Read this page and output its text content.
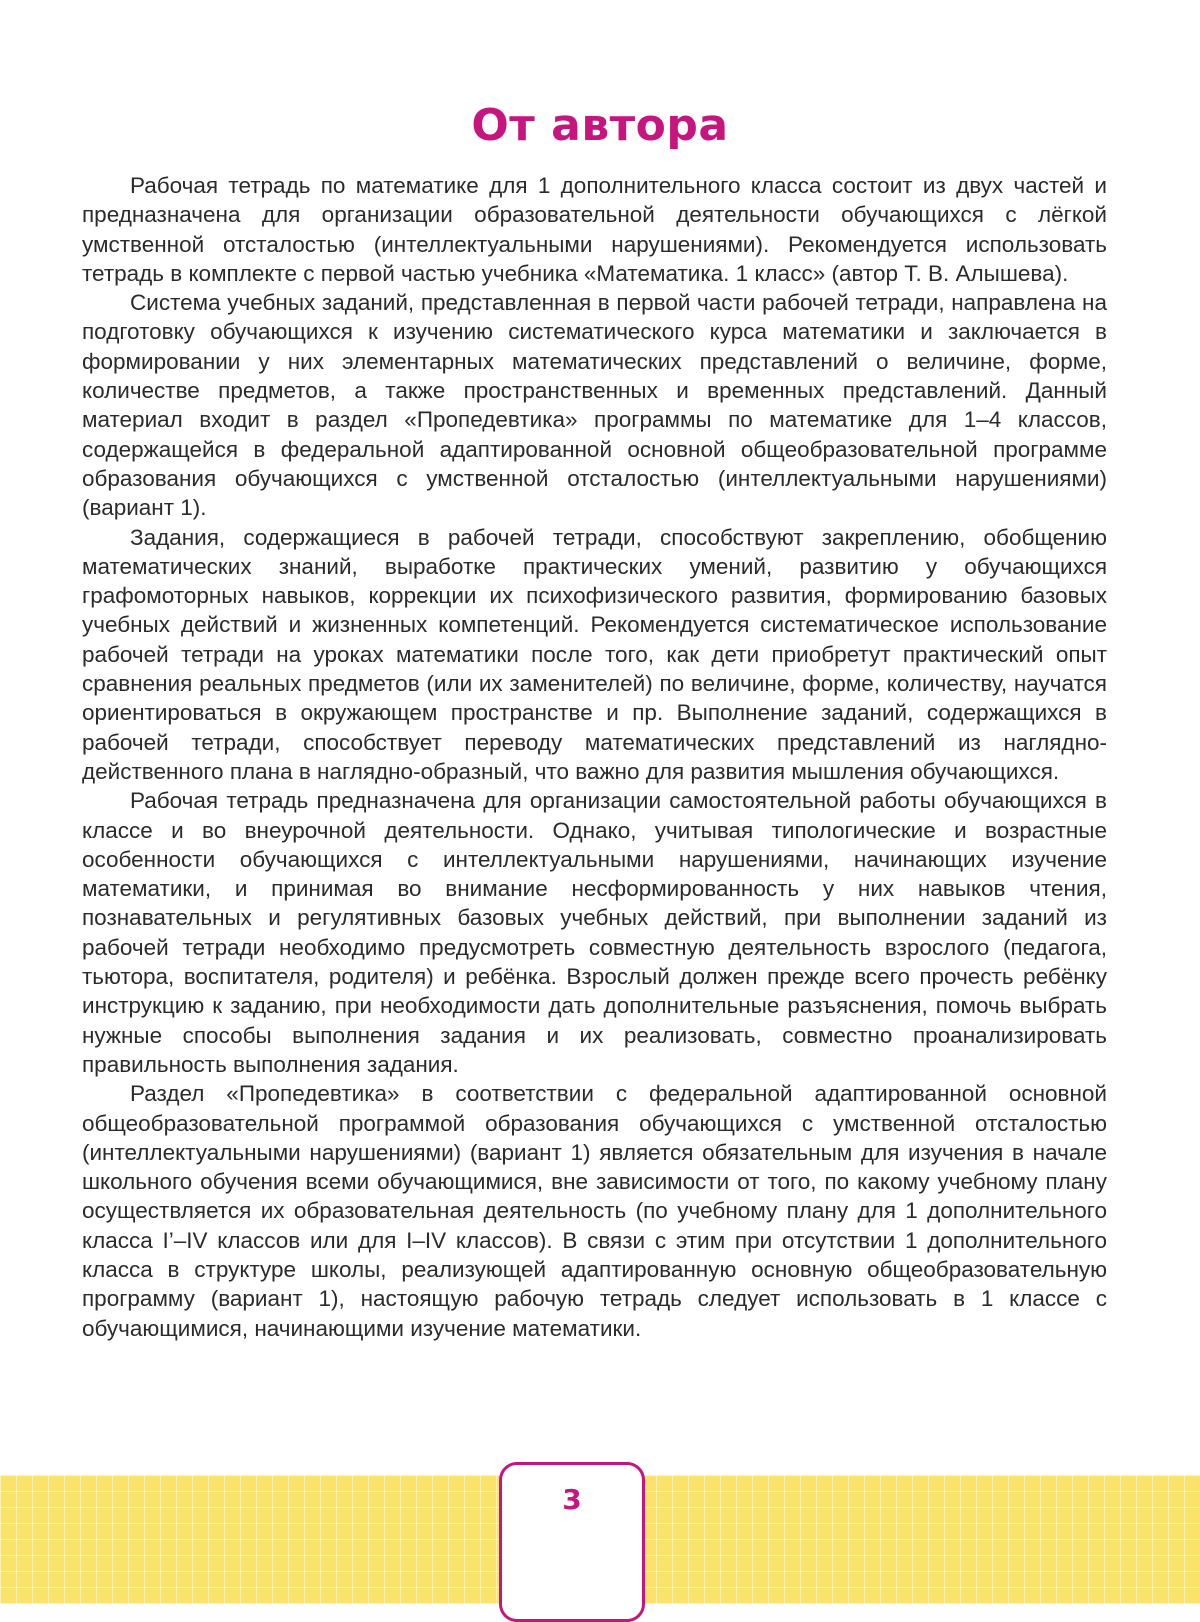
От автора

Рабочая тетрадь по математике для 1 дополнительного класса состоит из двух частей и предназначена для организации образовательной деятельности обучающихся с лёгкой умственной отсталостью (интеллектуальными нарушениями). Рекомендуется использовать тетрадь в комплекте с первой частью учебника «Математика. 1 класс» (автор Т. В. Алышева).

Система учебных заданий, представленная в первой части рабочей тетради, направлена на подготовку обучающихся к изучению систематического курса математики и заключается в формировании у них элементарных математических представлений о величине, форме, количестве предметов, а также пространственных и временных представлений. Данный материал входит в раздел «Пропедевтика» программы по математике для 1–4 классов, содержащейся в федеральной адаптированной основной общеобразовательной программе образования обучающихся с умственной отсталостью (интеллектуальными нарушениями) (вариант 1).

Задания, содержащиеся в рабочей тетради, способствуют закреплению, обобщению математических знаний, выработке практических умений, развитию у обучающихся графомоторных навыков, коррекции их психофизического развития, формированию базовых учебных действий и жизненных компетенций. Рекомендуется систематическое использование рабочей тетради на уроках математики после того, как дети приобретут практический опыт сравнения реальных предметов (или их заменителей) по величине, форме, количеству, научатся ориентироваться в окружающем пространстве и пр. Выполнение заданий, содержащихся в рабочей тетради, способствует переводу математических представлений из наглядно-действенного плана в наглядно-образный, что важно для развития мышления обучающихся.

Рабочая тетрадь предназначена для организации самостоятельной работы обучающихся в классе и во внеурочной деятельности. Однако, учитывая типологические и возрастные особенности обучающихся с интеллектуальными нарушениями, начинающих изучение математики, и принимая во внимание несформированность у них навыков чтения, познавательных и регулятивных базовых учебных действий, при выполнении заданий из рабочей тетради необходимо предусмотреть совместную деятельность взрослого (педагога, тьютора, воспитателя, родителя) и ребёнка. Взрослый должен прежде всего прочесть ребёнку инструкцию к заданию, при необходимости дать дополнительные разъяснения, помочь выбрать нужные способы выполнения задания и их реализовать, совместно проанализировать правильность выполнения задания.

Раздел «Пропедевтика» в соответствии с федеральной адаптированной основной общеобразовательной программой образования обучающихся с умственной отсталостью (интеллектуальными нарушениями) (вариант 1) является обязательным для изучения в начале школьного обучения всеми обучающимися, вне зависимости от того, по какому учебному плану осуществляется их образовательная деятельность (по учебному плану для 1 дополнительного класса I’–IV классов или для I–IV классов). В связи с этим при отсутствии 1 дополнительного класса в структуре школы, реализующей адаптированную основную общеобразовательную программу (вариант 1), настоящую рабочую тетрадь следует использовать в 1 классе с обучающимися, начинающими изучение математики.

3
